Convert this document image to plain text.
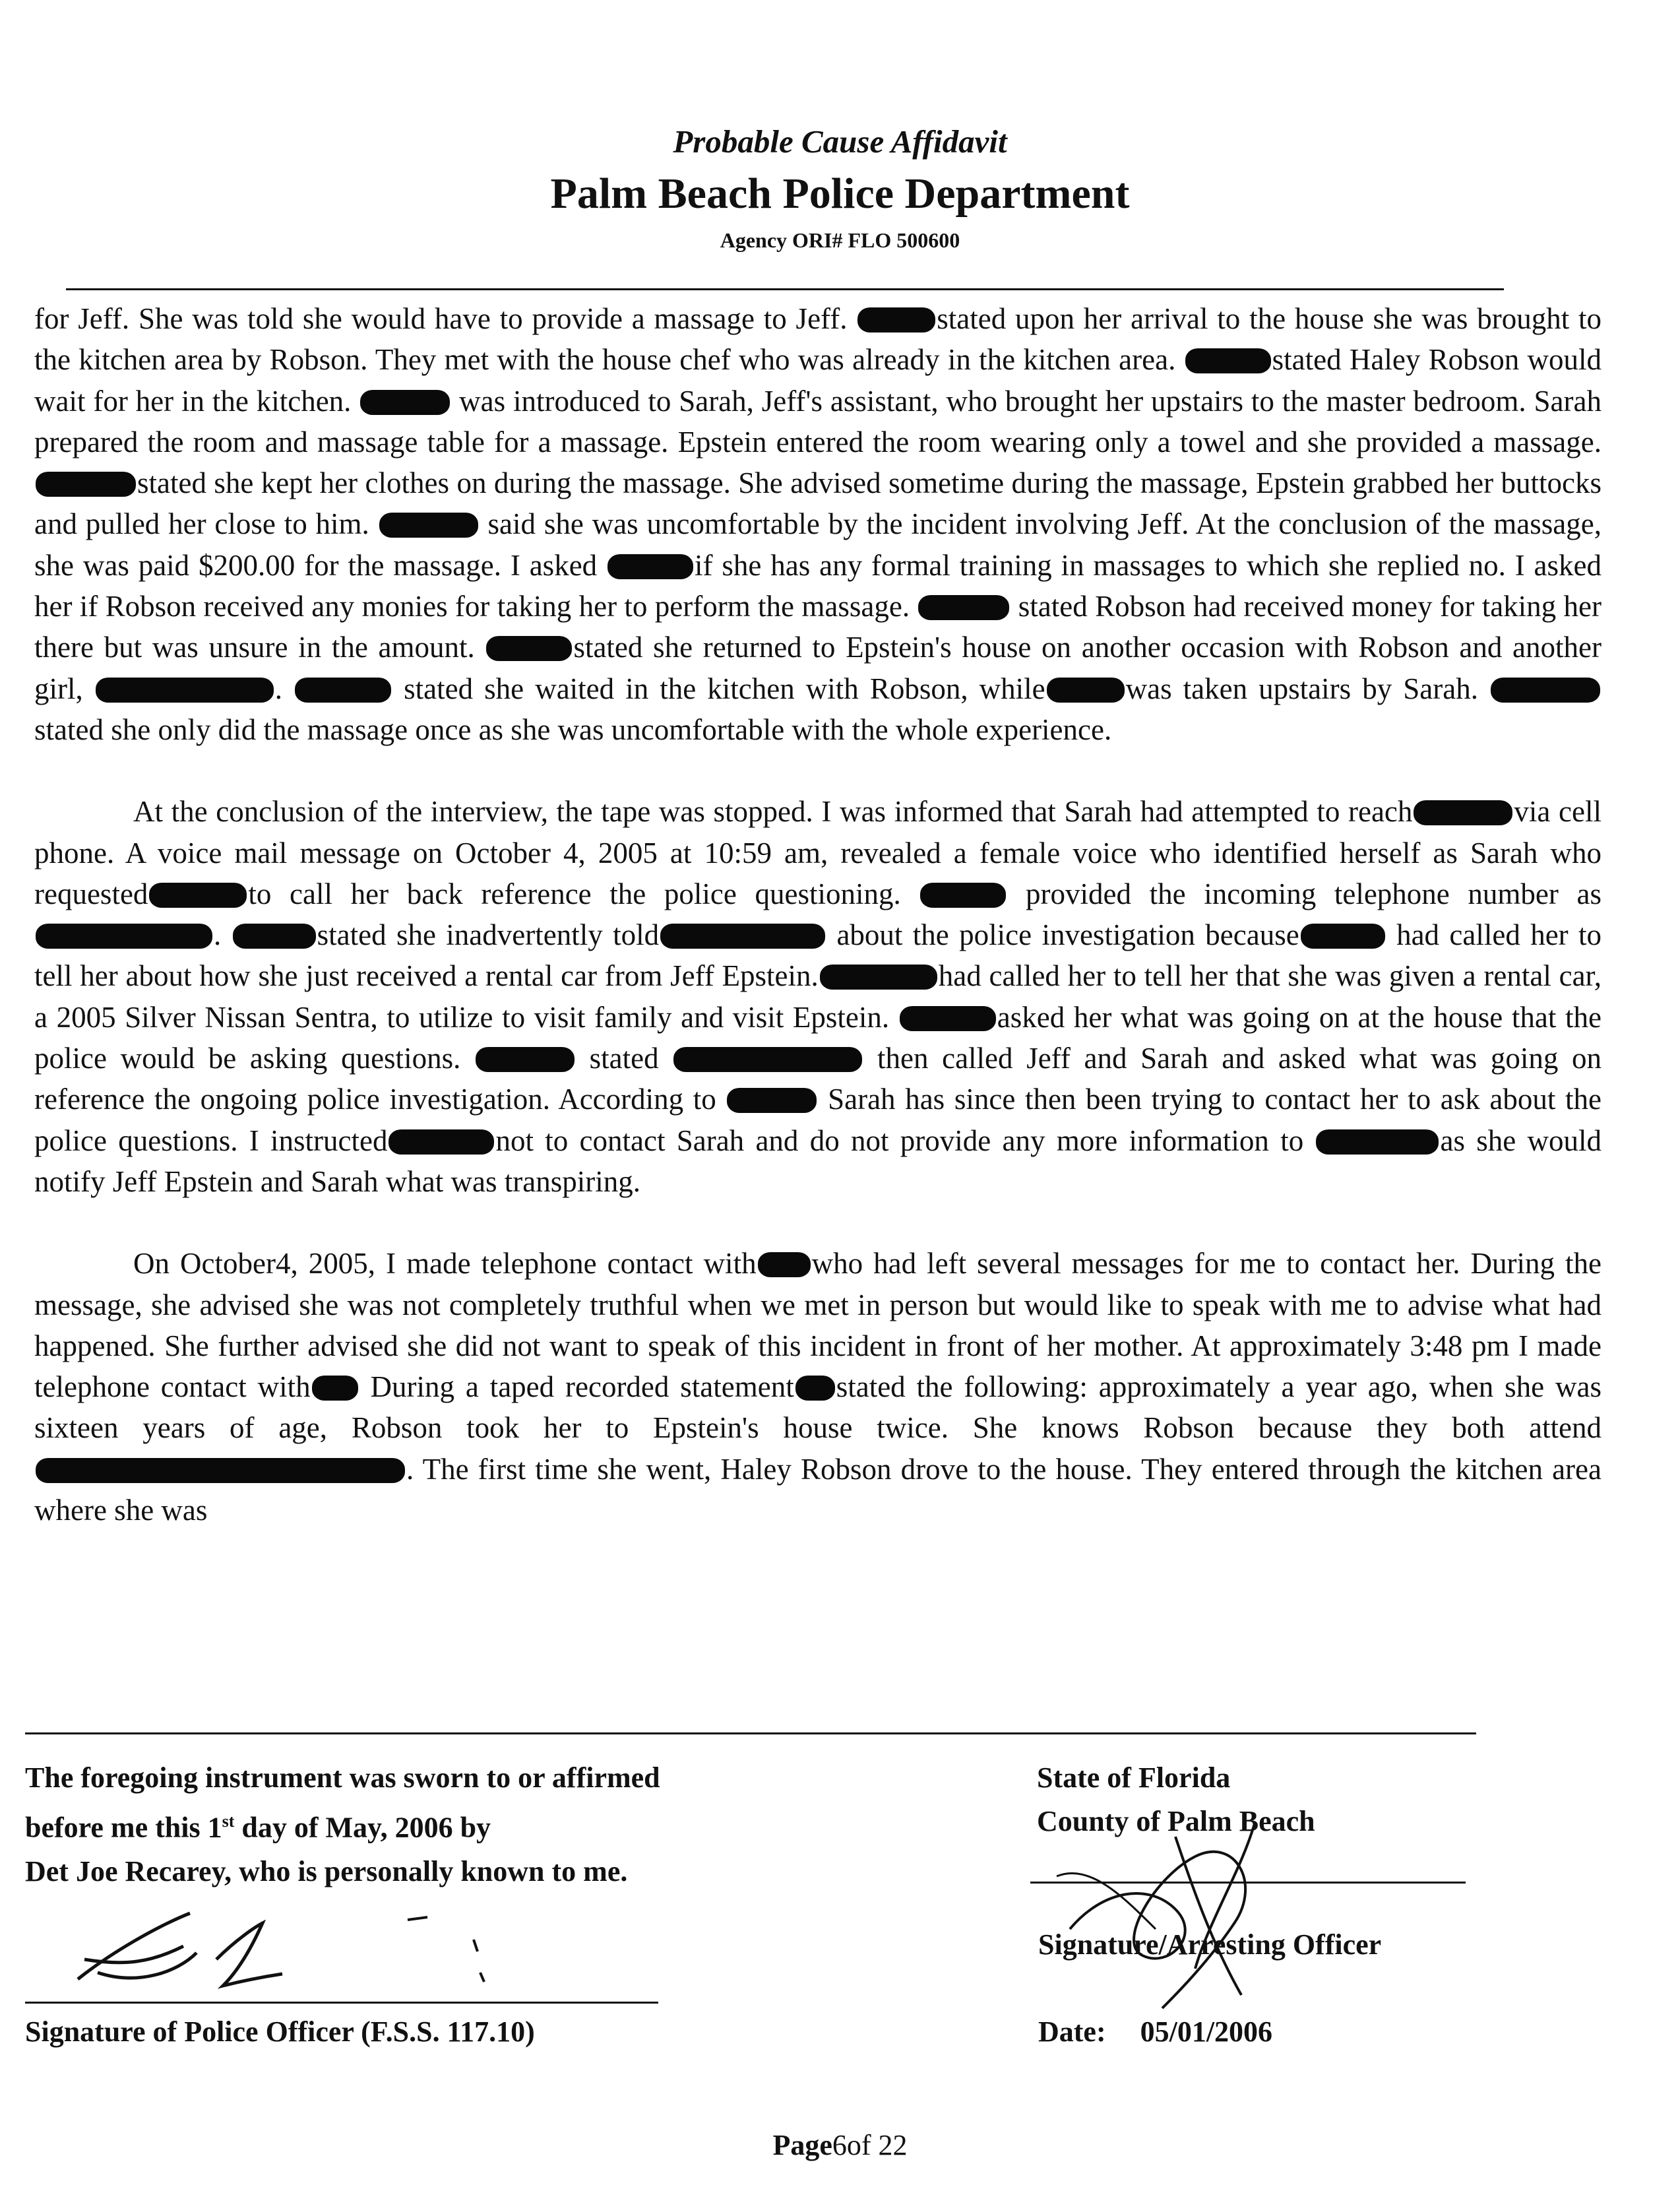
Probable Cause Affidavit
Palm Beach Police Department
Agency ORI# FLO 500600

for Jeff. She was told she would have to provide a massage to Jeff.	stated upon her arrival to the house she was brought to the kitchen area by Robson. They met with the house chef who was already in the kitchen area.	stated Haley Robson would wait for her in the kitchen.	was introduced to Sarah, Jeff's assistant, who brought her upstairs to the master bedroom. Sarah prepared the room and massage table for a massage. Epstein entered the room wearing only a towel and she provided a massage. stated she kept her clothes on during the massage. She advised sometime during the massage, Epstein grabbed her buttocks and pulled her close to him.	said she was uncomfortable by the incident involving Jeff. At the conclusion of the massage, she was paid $200.00 for the massage. I asked	if she has any formal training in massages to which she replied no. I asked her if Robson received any monies for taking her to perform the massage.	stated Robson had received money for taking her there but was unsure in the amount.	stated she returned to Epstein's house on another occasion with Robson and another girl,	.	stated she waited in the kitchen with Robson, while	was taken upstairs by Sarah. stated she only did the massage once as she was uncomfortable with the whole experience.

At the conclusion of the interview, the tape was stopped. I was informed that Sarah had attempted to reach	via cell phone. A voice mail message on October 4, 2005 at 10:59 am, revealed a female voice who identified herself as Sarah who requested	to call her back reference the police questioning.	provided the incoming telephone number as.	stated she inadvertently told	about the police investigation because	had called her to tell her about how she just received a rental car from Jeff Epstein.	had called her to tell her that she was given a rental car, a 2005 Silver Nissan Sentra, to utilize to visit family and visit Epstein.	asked her what was going on at the house that the police would be asking questions.	stated	then called Jeff and Sarah and asked what was going on reference the ongoing police investigation. According to	Sarah has since then been trying to contact her to ask about the police questions. I instructed	not to contact Sarah and do not provide any more information to	as she would notify Jeff Epstein and Sarah what was transpiring.

On October4, 2005, I made telephone contact with who had left several messages for me to contact her. During the message, she advised she was not completely truthful when we met in person but would like to speak with me to advise what had happened. She further advised she did not want to speak of this incident in front of her mother. At approximately 3:48 pm I made telephone contact with During a taped recorded statement stated the following: approximately a year ago, when she was sixteen years of age, Robson took her to Epstein's house twice. She knows Robson because they both attend. The first time she went, Haley Robson drove to the house. They entered through the kitchen area where she was

The foregoing instrument was sworn to or affirmed
before me this 1st day of May, 2006 by
Det Joe Recarey, who is personally known to me.
State of Florida
County of Palm Beach
Signature/Arresting Officer
Signature of Police Officer (F.S.S. 117.10)	Date: 05/01/2006
Page6of 22
